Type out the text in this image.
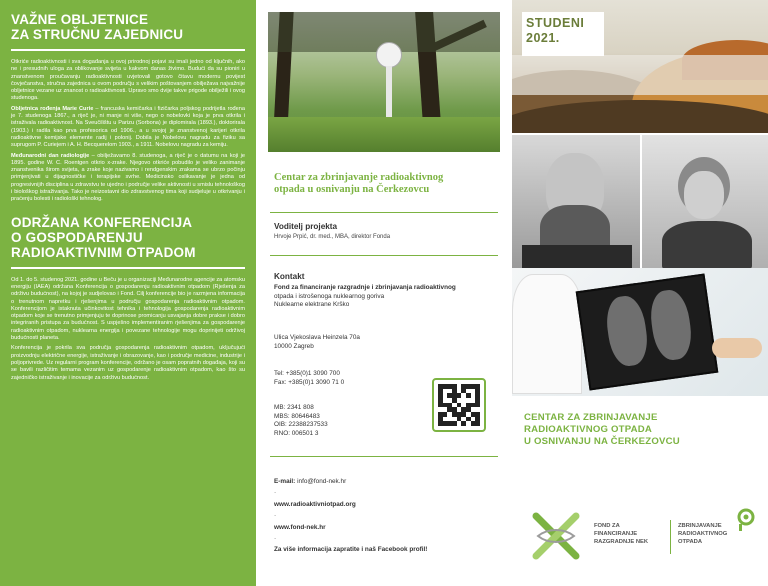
VAŽNE OBLJETNICE
ZA STRUČNU ZAJEDNICU

Otkriće radioaktivnosti i sva događanja u ovoj prirodnoj pojavi su imali jedno od ključnih, ako ne i presudnih uloga za oblikovanje svijeta u kakvom danas živimo. Budući da su pioniri u znanstvenom proučavanju radioaktivnosti uvjetovali gotovo čitavu modernu povijest čovječanstva, stručna zajednica u ovom području s velikim poštovanjem obilježava najvažnije obljetnice vezane uz znanost o radioaktivnosti. Upravo smo dvije takve prigode obilježili i ovog studenoga.

Obljetnica rođenja Marie Curie – francuska kemičarka i fizičarka poljskog podrijetla rođena je 7. studenoga 1867., a riječ je, ni manje ni više, nego o nobelovki koja je prva otkrila i istraživala radioaktivnost. Na Sveučilištu u Parizu (Sorbona) je diplomirala (1893.), doktorirala (1903.) i radila kao prva profesorica od 1906., a u svojoj je znanstvenoj karijeri otkrila radioaktivne kemijske elemente radij i polonij. Dobila je Nobelovu nagradu za fiziku sa suprugom P. Curiejem i A. H. Becquerelom 1903., a 1911. Nobelovu nagradu za kemiju.

Međunarodni dan radiologije – obilježavamo 8. studenoga, a riječ je o datumu na koji je 1895. godine W. C. Roentgen otkrio x-zrake. Njegovo otkriće pobudilo je veliko zanimanje znanstvenika širom svijeta, a zrake koje nazivamo i rendgenskim zrakama se ubrzo počinju primjenjivati u dijagnostičke i terapijske svrhe. Medicinsko oslikavanje je jedna od progresivnijih disciplina u zdravstvu te ujedno i područje velike aktivnosti u smislu tehnološkog i biološkog istraživanja. Tako je neizostavni dio zdravstvenog tima koji sudjeluje u otkrivanju i praćenju bolesti i radiološki tehnolog.

ODRŽANA KONFERENCIJA
O GOSPODARENJU
RADIOAKTIVNIM OTPADOM

Od 1. do 5. studenog 2021. godine u Beču je u organizaciji Međunarodne agencije za atomsku energiju (IAEA) održana Konferencija o gospodarenju radioaktivnim otpadom (Rješenja za održivu budućnost), na kojoj je sudjelovao i Fond. Cilj konferencije bio je razmjena informacija o trenutnom napretku i rješenjima u području gospodarenja radioaktivnim otpadom. Konferencijom je istaknuta učinkovitost tehnika i tehnologija gospodarenja radioaktivnim otpadom koje se trenutno primjenjuju te doprinose promicanju usvajanja dobre prakse i dobro integriranih pristupa za budućnost. S uspješno implementiranim rješenjima za gospodarenje radioaktivnim otpadom, nuklearna energija i povezane tehnologije mogu doprinijeti održivoj budućnosti planeta.

Konferencija je pokrila sva područja gospodarenja radioaktivnim otpadom, uključujući proizvodnju električne energije, istraživanje i obrazovanje, kao i područje medicine, industrije i poljoprivrede. Uz regularni program konferencije, održano je osam popratnih događaja, koji su se bavili različitim temama vezanim uz gospodarenje radioaktivnim otpadom, kao što su zajedničko istraživanje i inovacije za održivu budućnost.

Centar za zbrinjavanje radioaktivnog
otpada u osnivanju na Čerkezovcu
Voditelj projekta
Hrvoje Prpić, dr. med., MBA, direktor Fonda
Kontakt
Fond za financiranje razgradnje i zbrinjavanja radioaktivnog
otpada i istrošenoga nuklearnog goriva
Nuklearne elektrane Krško
Ulica Vjekoslava Heinzela 70a
10000 Zagreb
Tel: +385(0)1 3090 700
Fax: +385(0)1 3090 71 0
MB: 2341 808
MBS: 80646483
OIB: 22388237533
RNO: 006501 3
E-mail: info@fond-nek.hr
·
www.radioaktivniotpad.org
·
www.fond-nek.hr
·
Za više informacija zapratite i naš Facebook profil!
STUDENI
2021.
CENTAR ZA ZBRINJAVANJE
RADIOAKTIVNOG OTPADA
U OSNIVANJU NA ČERKEZOVCU
FOND ZA
FINANCIRANJE
RAZGRADNJE NEK
ZBRINJAVANJE
RADIOAKTIVNOG
OTPADA
